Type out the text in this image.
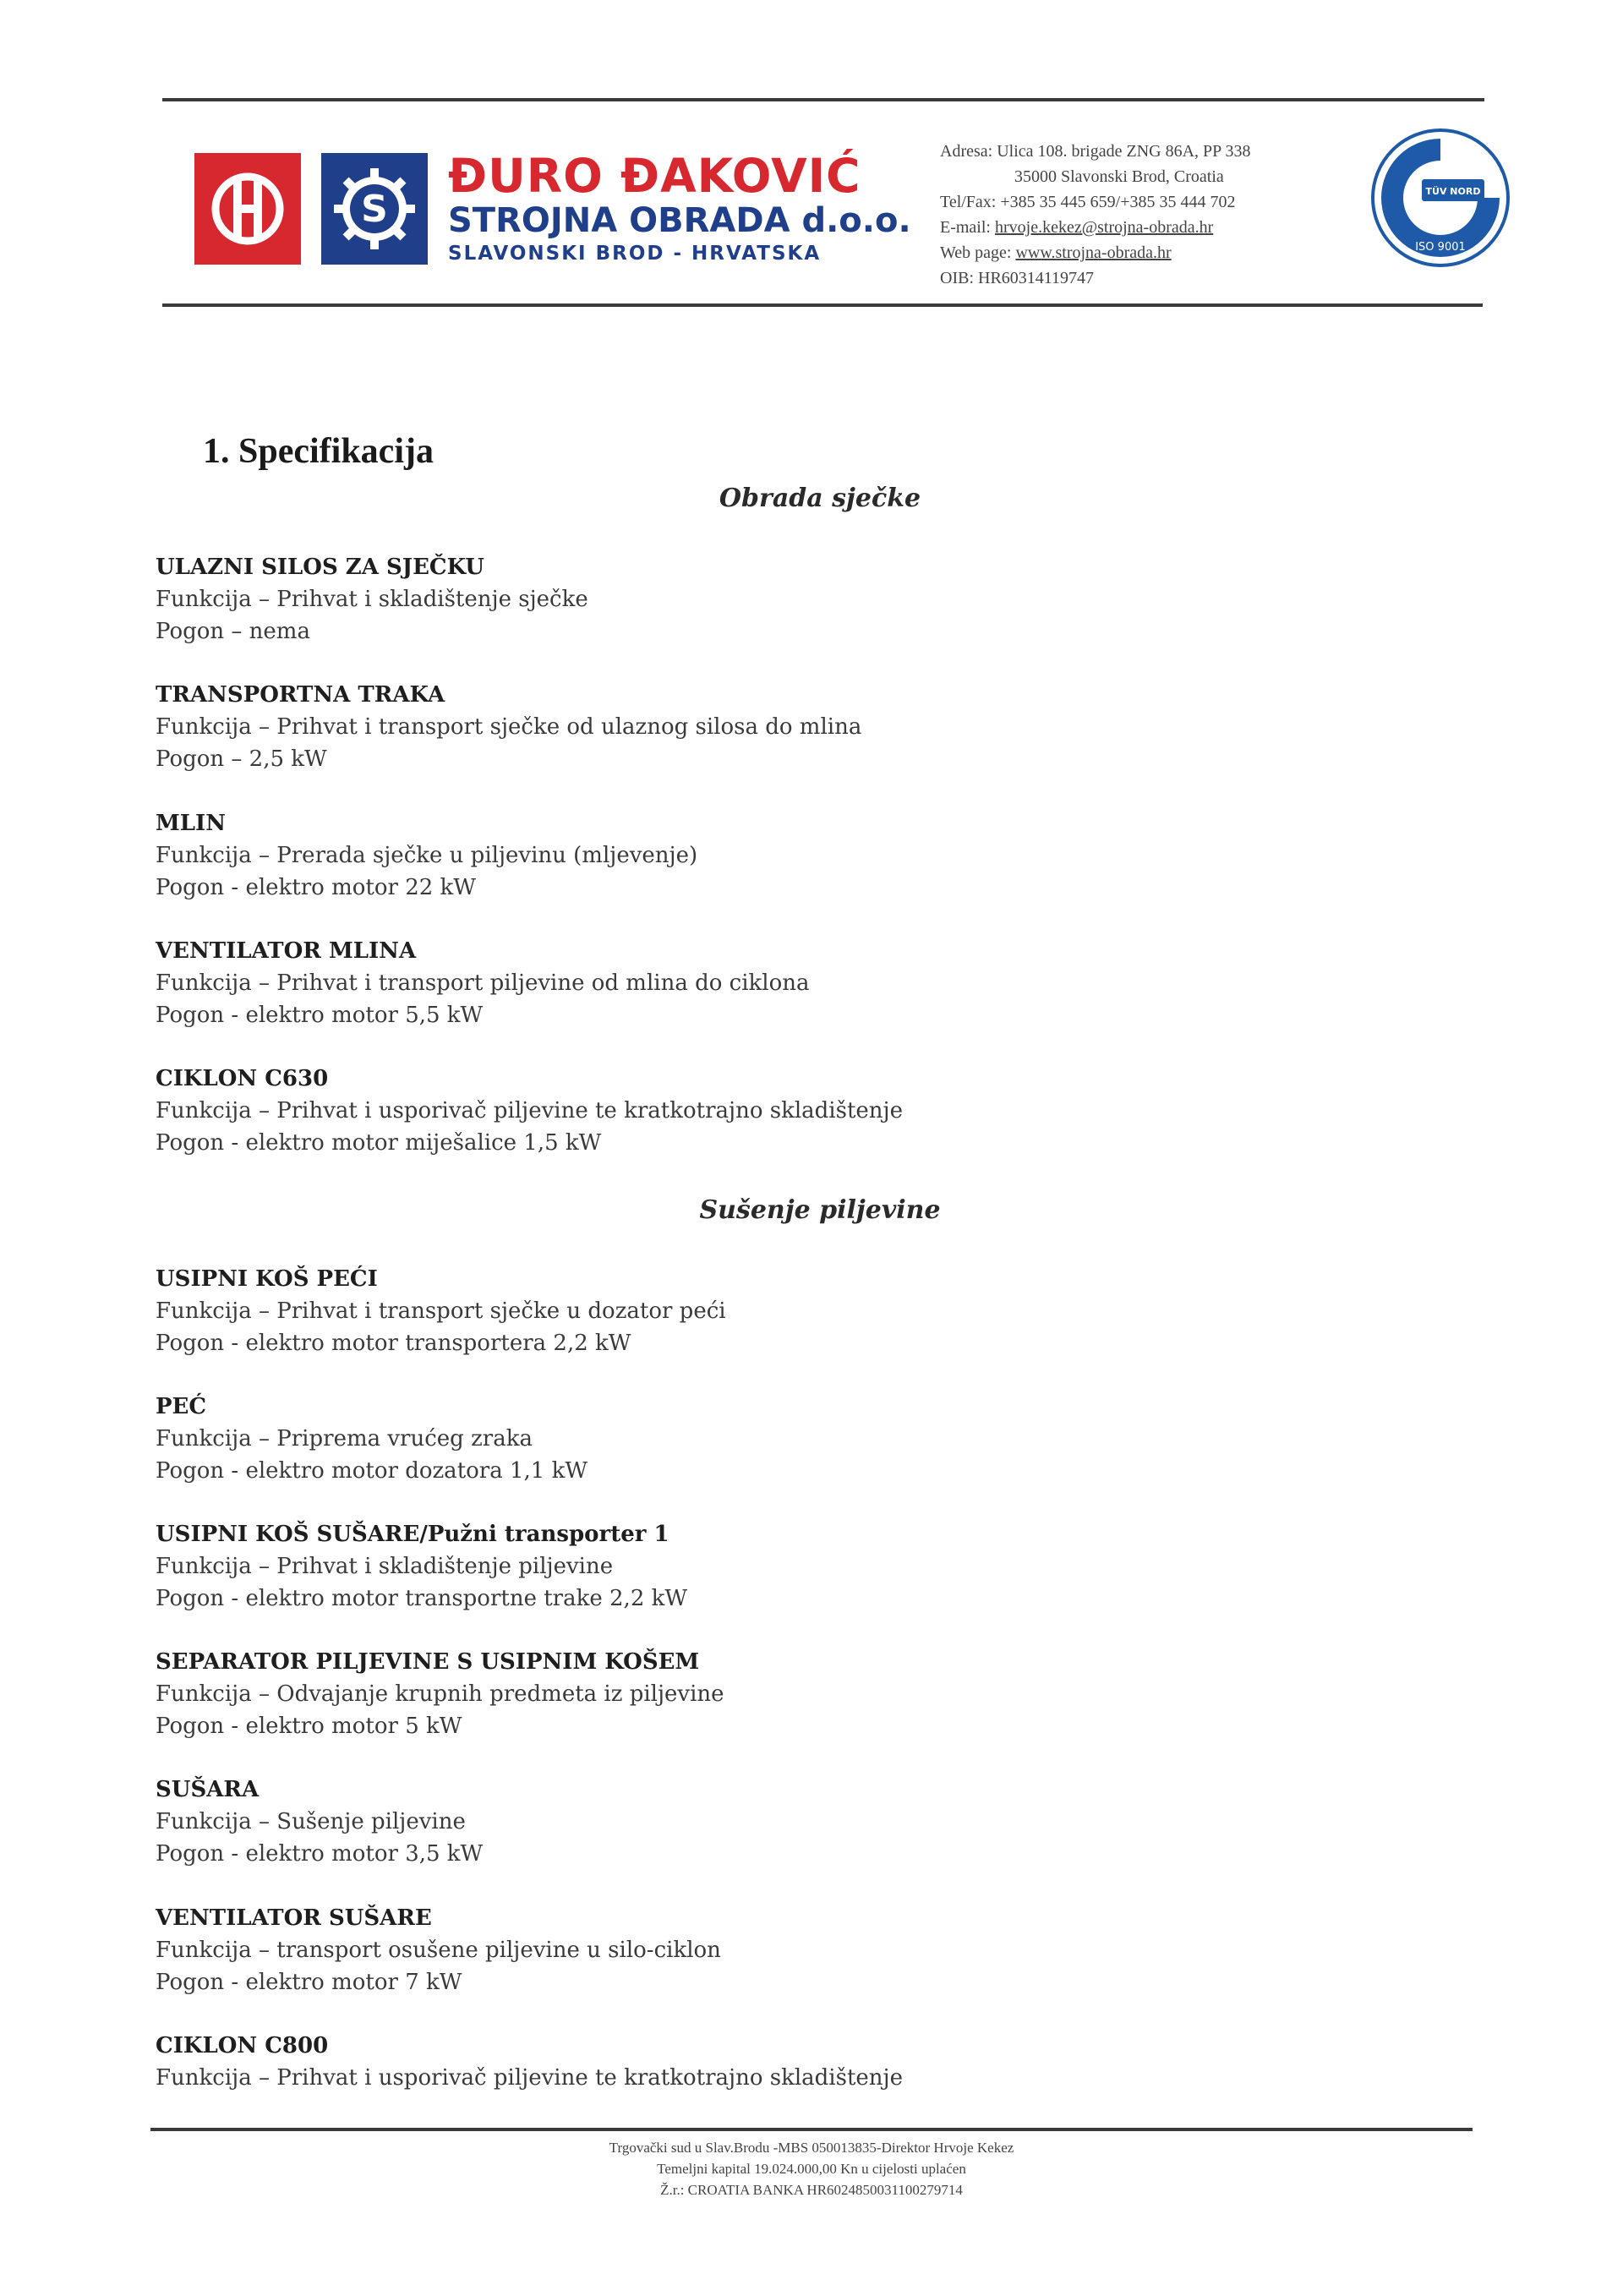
S
ĐURO ĐAKOVIĆ
STROJNA OBRADA d.o.o.
SLAVONSKI BROD - HRVATSKA
Adresa: Ulica 108. brigade ZNG 86A, PP 338
35000 Slavonski Brod, Croatia
Tel/Fax: +385 35 445 659/+385 35 444 702
E-mail: hrvoje.kekez@strojna-obrada.hr
Web page: www.strojna-obrada.hr
OIB: HR60314119747
TÜV NORD
ISO 9001
1. Specifikacija
Obrada sječke
ULAZNI SILOS ZA SJEČKU
Funkcija – Prihvat i skladištenje sječke
Pogon – nema
TRANSPORTNA TRAKA
Funkcija – Prihvat i transport sječke od ulaznog silosa do mlina
Pogon – 2,5 kW
MLIN
Funkcija – Prerada sječke u piljevinu (mljevenje)
Pogon - elektro motor 22 kW
VENTILATOR MLINA
Funkcija – Prihvat i transport piljevine od mlina do ciklona
Pogon - elektro motor 5,5 kW
CIKLON C630
Funkcija – Prihvat i usporivač piljevine te kratkotrajno skladištenje
Pogon - elektro motor miješalice 1,5 kW
Sušenje piljevine
USIPNI KOŠ PEĆI
Funkcija – Prihvat i transport sječke u dozator peći
Pogon - elektro motor transportera 2,2 kW
PEĆ
Funkcija – Priprema vrućeg zraka
Pogon - elektro motor dozatora 1,1 kW
USIPNI KOŠ SUŠARE/Pužni transporter 1
Funkcija – Prihvat i skladištenje piljevine
Pogon - elektro motor transportne trake 2,2 kW
SEPARATOR PILJEVINE S USIPNIM KOŠEM
Funkcija – Odvajanje krupnih predmeta iz piljevine
Pogon - elektro motor 5 kW
SUŠARA
Funkcija – Sušenje piljevine
Pogon - elektro motor 3,5 kW
VENTILATOR SUŠARE
Funkcija – transport osušene piljevine u silo-ciklon
Pogon - elektro motor 7 kW
CIKLON C800
Funkcija – Prihvat i usporivač piljevine te kratkotrajno skladištenje
Trgovački sud u Slav.Brodu -MBS 050013835-Direktor Hrvoje Kekez
Temeljni kapital 19.024.000,00 Kn u cijelosti uplaćen
Ž.r.: CROATIA BANKA HR6024850031100279714
